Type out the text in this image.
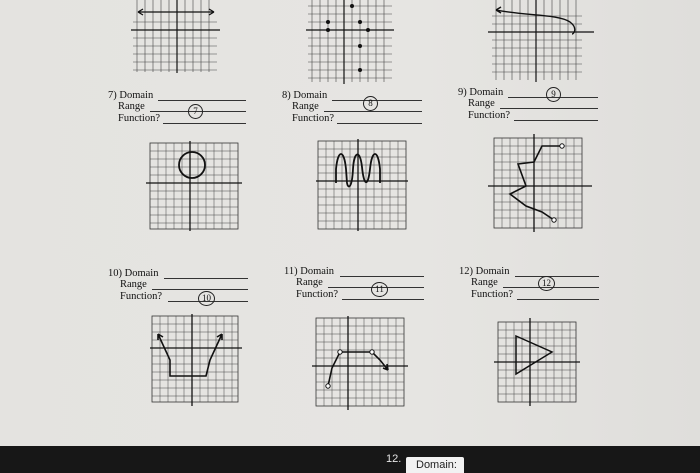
7) Domain
Range
Function?
7
8) Domain
Range
Function?
8
9) Domain
Range
Function?
9
10) Domain
Range
Function?	10
11) Domain
Range
Function?	11
12) Domain
Range
Function?
12
12.	Domain:
